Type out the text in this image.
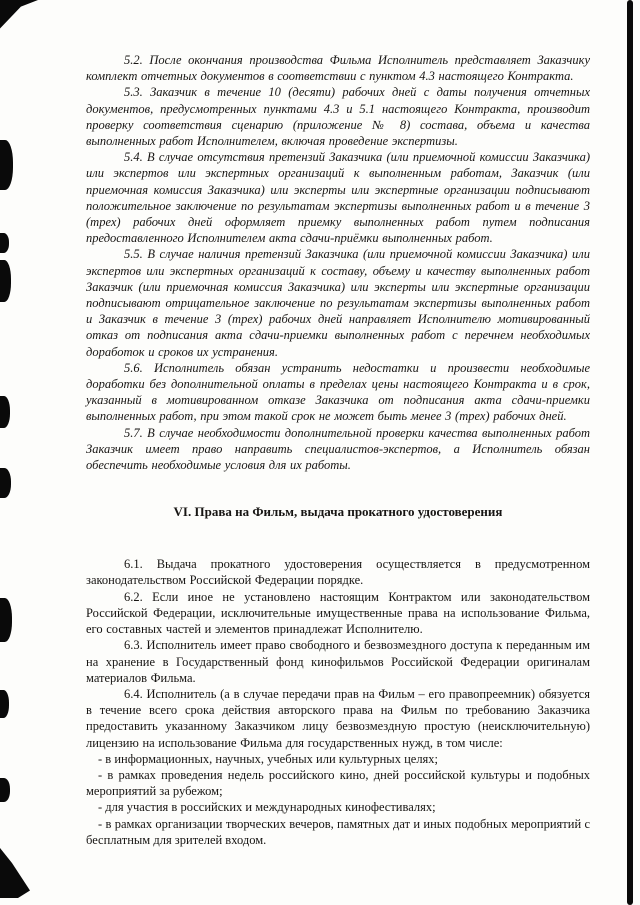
5.2. После окончания производства Фильма Исполнитель представляет Заказчику комплект отчетных документов в соответствии с пунктом 4.3 настоящего Контракта.

5.3. Заказчик в течение 10 (десяти) рабочих дней с даты получения отчетных документов, предусмотренных пунктами 4.3 и 5.1 настоящего Контракта, производит проверку соответствия сценарию (приложение № 8) состава, объема и качества выполненных работ Исполнителем, включая проведение экспертизы.

5.4. В случае отсутствия претензий Заказчика (или приемочной комиссии Заказчика) или экспертов или экспертных организаций к выполненным работам, Заказчик (или приемочная комиссия Заказчика) или эксперты или экспертные организации подписывают положительное заключение по результатам экспертизы выполненных работ и в течение 3 (трех) рабочих дней оформляет приемку выполненных работ путем подписания предоставленного Исполнителем акта сдачи-приёмки выполненных работ.

5.5. В случае наличия претензий Заказчика (или приемочной комиссии Заказчика) или экспертов или экспертных организаций к составу, объему и качеству выполненных работ Заказчик (или приемочная комиссия Заказчика) или эксперты или экспертные организации подписывают отрицательное заключение по результатам экспертизы выполненных работ и Заказчик в течение 3 (трех) рабочих дней направляет Исполнителю мотивированный отказ от подписания акта сдачи-приемки выполненных работ с перечнем необходимых доработок и сроков их устранения.

5.6. Исполнитель обязан устранить недостатки и произвести необходимые доработки без дополнительной оплаты в пределах цены настоящего Контракта и в срок, указанный в мотивированном отказе Заказчика от подписания акта сдачи-приемки выполненных работ, при этом такой срок не может быть менее 3 (трех) рабочих дней.

5.7. В случае необходимости дополнительной проверки качества выполненных работ Заказчик имеет право направить специалистов-экспертов, а Исполнитель обязан обеспечить необходимые условия для их работы.

VI. Права на Фильм, выдача прокатного удостоверения

6.1. Выдача прокатного удостоверения осуществляется в предусмотренном законодательством Российской Федерации порядке.

6.2. Если иное не установлено настоящим Контрактом или законодательством Российской Федерации, исключительные имущественные права на использование Фильма, его составных частей и элементов принадлежат Исполнителю.

6.3. Исполнитель имеет право свободного и безвозмездного доступа к переданным им на хранение в Государственный фонд кинофильмов Российской Федерации оригиналам материалов Фильма.

6.4. Исполнитель (а в случае передачи прав на Фильм – его правопреемник) обязуется в течение всего срока действия авторского права на Фильм по требованию Заказчика предоставить указанному Заказчиком лицу безвозмездную простую (неисключительную) лицензию на использование Фильма для государственных нужд, в том числе:

- в информационных, научных, учебных или культурных целях;

- в рамках проведения недель российского кино, дней российской культуры и подобных мероприятий за рубежом;

- для участия в российских и международных кинофестивалях;

- в рамках организации творческих вечеров, памятных дат и иных подобных мероприятий с бесплатным для зрителей входом.
